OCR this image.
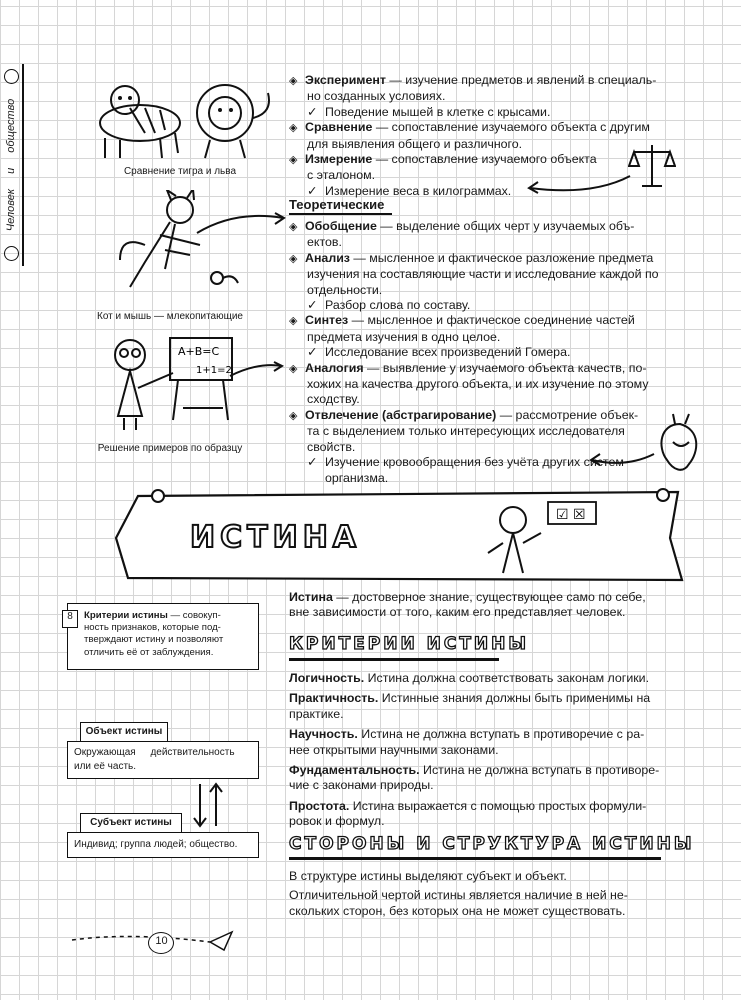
Человек и общество	Сравнение тигра и льва
Кот и мышь — млекопитающие
A+B=C
1+1=2
Решение примеров по образцу
◈ Эксперимент — изучение предметов и явлений в специаль-
но созданных условиях.
✓ Поведение мышей в клетке с крысами.
◈ Сравнение — сопоставление изучаемого объекта с другим
для выявления общего и различного.
◈ Измерение — сопоставление изучаемого объекта
с эталоном.
✓ Измерение веса в килограммах.
Теоретические
◈ Обобщение — выделение общих черт у изучаемых объ-
ектов.
◈ Анализ — мысленное и фактическое разложение предмета
изучения на составляющие части и исследование каждой по
отдельности.
✓ Разбор слова по составу.
◈ Синтез — мысленное и фактическое соединение частей
предмета изучения в одно целое.
✓ Исследование всех произведений Гомера.
◈ Аналогия — выявление у изучаемого объекта качеств, по-
хожих на качества другого объекта, и их изучение по этому
сходству.
◈ Отвлечение (абстрагирование) — рассмотрение объек-
та с выделением только интересующих исследователя
свойств.
✓ Изучение кровообращения без учёта других систем
организма.
☑ ☒
ИСТИНА
Истина — достоверное знание, существующее само по себе,
вне зависимости от того, каким его представляет человек.
8	Критерии истины — совокуп-
ность признаков, которые под-
тверждают истину и позволяют
отличить её от заблуждения.	КРИТЕРИИ ИСТИНЫ
Логичность. Истина должна соответствовать законам логики.
Практичность. Истинные знания должны быть применимы на
практике.
Научность. Истина не должна вступать в противоречие с ра-
нее открытыми научными законами.
Фундаментальность. Истина не должна вступать в противоре-
чие с законами природы.
Простота. Истина выражается с помощью простых формули-
ровок и формул.
Объект истины
Окружающая действительность
или её часть.
Субъект истины
Индивид; группа людей; общество.	СТОРОНЫ И СТРУКТУРА ИСТИНЫ
В структуре истины выделяют субъект и объект.
Отличительной чертой истины является наличие в ней не-
скольких сторон, без которых она не может существовать.
10
